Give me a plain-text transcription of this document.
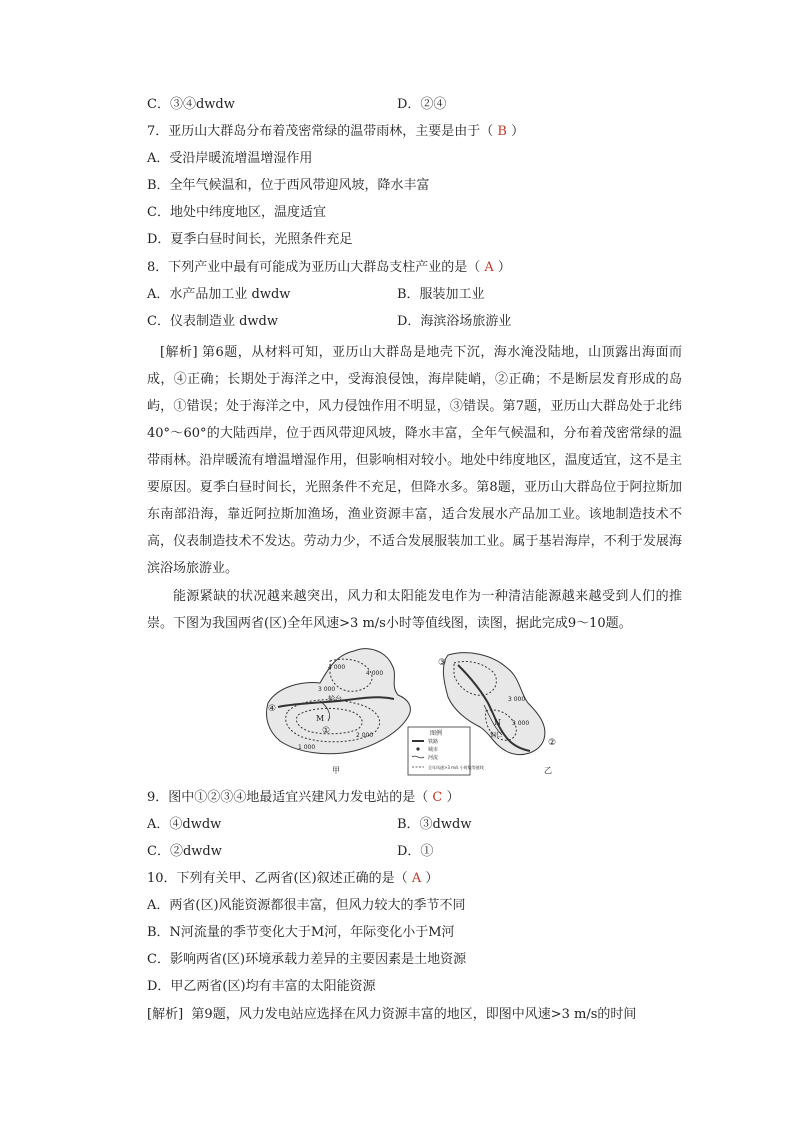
C．③④dwdw	D．②④
7．亚历山大群岛分布着茂密常绿的温带雨林，主要是由于（ B ）
A．受沿岸暖流增温增湿作用
B．全年气候温和，位于西风带迎风坡，降水丰富
C．地处中纬度地区，温度适宜
D．夏季白昼时间长，光照条件充足
8．下列产业中最有可能成为亚历山大群岛支柱产业的是（ A ）
A．水产品加工业 dwdw	B．服装加工业
C．仪表制造业 dwdw	D．海滨浴场旅游业
[解析] 第6题，从材料可知，亚历山大群岛是地壳下沉，海水淹没陆地，山顶露出海面而成，④正确；长期处于海洋之中，受海浪侵蚀，海岸陡峭，②正确；不是断层发育形成的岛屿，①错误；处于海洋之中，风力侵蚀作用不明显，③错误。第7题，亚历山大群岛处于北纬40°～60°的大陆西岸，位于西风带迎风坡，降水丰富，全年气候温和，分布着茂密常绿的温带雨林。沿岸暖流有增温增湿作用，但影响相对较小。地处中纬度地区，温度适宜，这不是主要原因。夏季白昼时间长，光照条件不充足，但降水多。第8题，亚历山大群岛位于阿拉斯加东南部沿海，靠近阿拉斯加渔场，渔业资源丰富，适合发展水产品加工业。该地制造技术不高，仪表制造技术不发达。劳动力少，不适合发展服装加工业。属于基岩海岸，不利于发展海滨浴场旅游业。
能源紧缺的状况越来越突出，风力和太阳能发电作为一种清洁能源越来越受到人们的推崇。下图为我国两省(区)全年风速>3 m/s小时等值线图，读图，据此完成9～10题。
4 000
4 000
3 000
轮台
M
①
④
1 000
2 000
甲
③
3 000
3 000
N
铜仁
②
乙
图例
铁路
城市
河流
全年风速>3 m/s 小时数等值线
9．图中①②③④地最适宜兴建风力发电站的是（ C ）
A．④dwdw	B．③dwdw
C．②dwdw	D．①
10．下列有关甲、乙两省(区)叙述正确的是（ A ）
A．两省(区)风能资源都很丰富，但风力较大的季节不同
B．N河流量的季节变化大于M河，年际变化小于M河
C．影响两省(区)环境承载力差异的主要因素是土地资源
D．甲乙两省(区)均有丰富的太阳能资源
[解析] 第9题，风力发电站应选择在风力资源丰富的地区，即图中风速>3 m/s的时间
